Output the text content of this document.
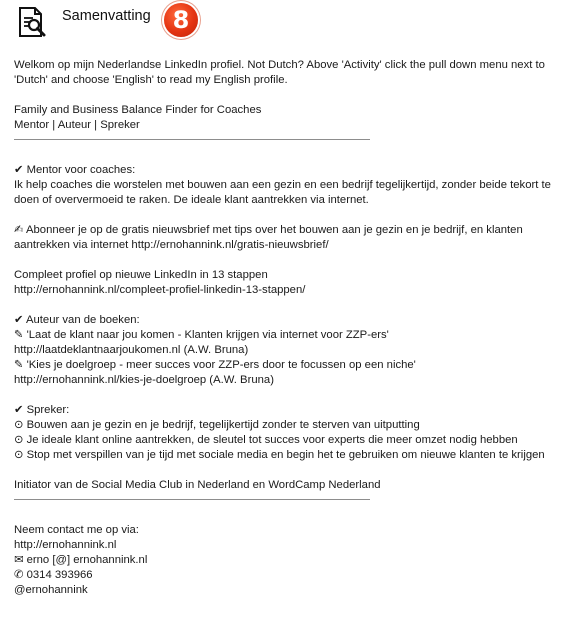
Samenvatting 8
Welkom op mijn Nederlandse LinkedIn profiel. Not Dutch? Above 'Activity' click the pull down menu next to 'Dutch' and choose 'English' to read my English profile.
Family and Business Balance Finder for Coaches
Mentor | Auteur | Spreker
✔ Mentor voor coaches:
Ik help coaches die worstelen met bouwen aan een gezin en een bedrijf tegelijkertijd, zonder beide tekort te doen of oververmoeid te raken. De ideale klant aantrekken via internet.
✍ Abonneer je op de gratis nieuwsbrief met tips over het bouwen aan je gezin en je bedrijf, en klanten aantrekken via internet http://ernohannink.nl/gratis-nieuwsbrief/
Compleet profiel op nieuwe LinkedIn in 13 stappen
http://ernohannink.nl/compleet-profiel-linkedin-13-stappen/
✔ Auteur van de boeken:
✎ 'Laat de klant naar jou komen - Klanten krijgen via internet voor ZZP-ers'
http://laatdeklantnaarjoukomen.nl (A.W. Bruna)
✎ 'Kies je doelgroep - meer succes voor ZZP-ers door te focussen op een niche'
http://ernohannink.nl/kies-je-doelgroep (A.W. Bruna)
✔ Spreker:
⊙ Bouwen aan je gezin en je bedrijf, tegelijkertijd zonder te sterven van uitputting
⊙ Je ideale klant online aantrekken, de sleutel tot succes voor experts die meer omzet nodig hebben
⊙ Stop met verspillen van je tijd met sociale media en begin het te gebruiken om nieuwe klanten te krijgen
Initiator van de Social Media Club in Nederland en WordCamp Nederland
Neem contact me op via:
http://ernohannink.nl
✉ erno [@] ernohannink.nl
✆ 0314 393966
@ernohannink
